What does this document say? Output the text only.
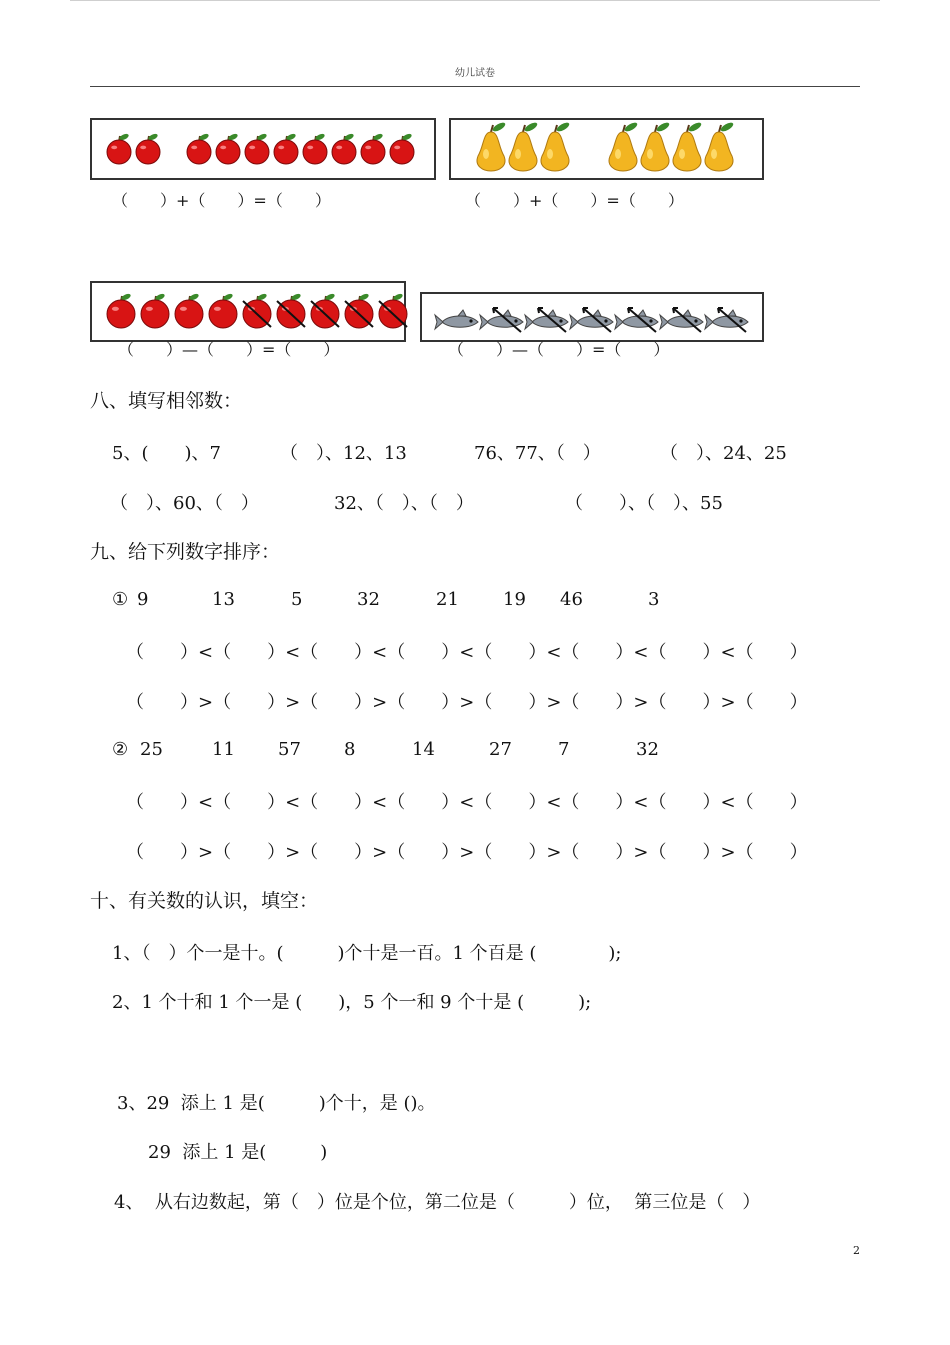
幼儿试卷
（　　）+（　　）=（　　）	（　　）+（　　）=（　　）
（　　）—（　　）=（　　）	（　　）—（　　）=（　　）
八、填写相邻数：
5、(　　)、7	（　）、12、13	76、77、（　）	（　）、24、25
（　）、60、（　）	32、（　）、（　）	（　　）、（　）、55
九、给下列数字排序：
① 9	13	5	32	21 19 46	3
（　　）<（　　）<（　　）<（　　）<（　　）<（　　）<（　　）<（　　）
（　　）>（　　）>（　　）>（　　）>（　　）>（　　）>（　　）>（　　）
② 25	11 57 8	14	27	7	32
（　　）<（　　）<（　　）<（　　）<（　　）<（　　）<（　　）<（　　）
（　　）>（　　）>（　　）>（　　）>（　　）>（　　）>（　　）>（　　）
十、有关数的认识，填空：
1、（　）个一是十。(　　　)个十是一百。1 个百是 (　　　　);
2、1 个十和 1 个一是 (　　)，5 个一和 9 个十是 (　　　);
3、29  添上 1 是(　　　)个十，是 ()。
29  添上 1 是(　　　)
4、  从右边数起，第（　）位是个位，第二位是（　　　）位，  第三位是（　）
2
